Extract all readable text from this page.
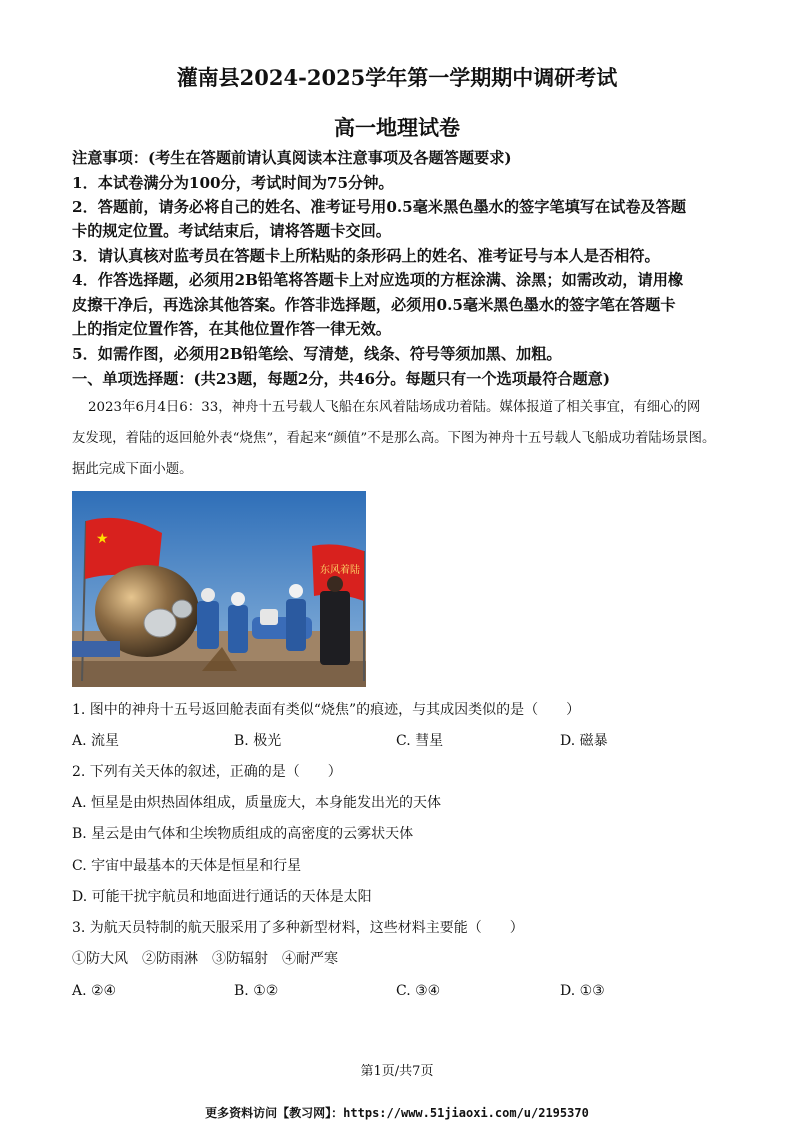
灌南县2024-2025学年第一学期期中调研考试
高一地理试卷
注意事项：(考生在答题前请认真阅读本注意事项及各题答题要求)
1．本试卷满分为100分，考试时间为75分钟。
2．答题前，请务必将自己的姓名、准考证号用0.5毫米黑色墨水的签字笔填写在试卷及答题
卡的规定位置。考试结束后，请将答题卡交回。
3．请认真核对监考员在答题卡上所粘贴的条形码上的姓名、准考证号与本人是否相符。
4．作答选择题，必须用2B铅笔将答题卡上对应选项的方框涂满、涂黑；如需改动，请用橡
皮擦干净后，再选涂其他答案。作答非选择题，必须用0.5毫米黑色墨水的签字笔在答题卡
上的指定位置作答，在其他位置作答一律无效。
5．如需作图，必须用2B铅笔绘、写清楚，线条、符号等须加黑、加粗。
一、单项选择题：(共23题，每题2分，共46分。每题只有一个选项最符合题意)
2023年6月4日6：33，神舟十五号载人飞船在东风着陆场成功着陆。媒体报道了相关事宜，有细心的网
友发现，着陆的返回舱外表“烧焦”，看起来“颜值”不是那么高。下图为神舟十五号载人飞船成功着陆场景图。
据此完成下面小题。
★
东风着陆
1. 图中的神舟十五号返回舱表面有类似“烧焦”的痕迹，与其成因类似的是（　　）
A. 流星	B. 极光	C. 彗星	D. 磁暴
2. 下列有关天体的叙述，正确的是（　　）
A. 恒星是由炽热固体组成，质量庞大，本身能发出光的天体
B. 星云是由气体和尘埃物质组成的高密度的云雾状天体
C. 宇宙中最基本的天体是恒星和行星
D. 可能干扰宇航员和地面进行通话的天体是太阳
3. 为航天员特制的航天服采用了多种新型材料，这些材料主要能（　　）
①防大风　②防雨淋　③防辐射　④耐严寒
A. ②④	B. ①②	C. ③④	D. ①③
第1页/共7页
更多资料访问【教习网】：https://www.51jiaoxi.com/u/2195370
